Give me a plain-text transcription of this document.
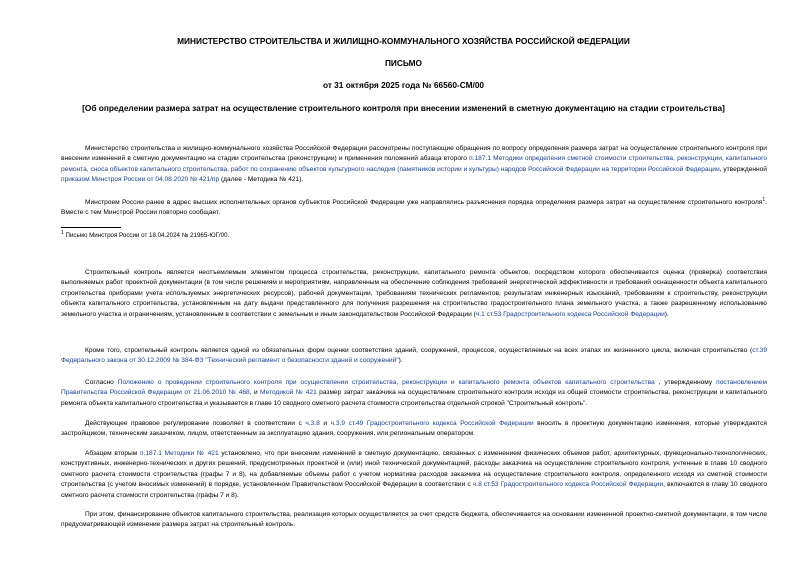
МИНИСТЕРСТВО СТРОИТЕЛЬСТВА И ЖИЛИЩНО-КОММУНАЛЬНОГО ХОЗЯЙСТВА РОССИЙСКОЙ ФЕДЕРАЦИИ
ПИСЬМО
от 31 октября 2025 года № 66560-СМ/00
[Об определении размера затрат на осуществление строительного контроля при внесении изменений в сметную документацию на стадии строительства]

Министерство строительства и жилищно-коммунального хозяйства Российской Федерации рассмотрены поступающие обращения по вопросу определения размера затрат на осуществление строительного контроля при внесении изменений в сметную документацию на стадии строительства (реконструкции) и применения положений абзаца второго п.187.1 Методики определения сметной стоимости строительства, реконструкции, капитального ремонта, сноса объектов капитального строительства, работ по сохранению объектов культурного наследия (памятников истории и культуры) народов Российской Федерации на территории Российской Федерации, утвержденной приказом Минстроя России от 04.08.2020 № 421/пр (далее - Методика № 421).

Минстроем России ранее в адрес высших исполнительных органов субъектов Российской Федерации уже направлялись разъяснения порядка определения размера затрат на осуществление строительного контроля$^1$. Вместе с тем Минстрой России повторно сообщает.

$^1$ Письмо Минстроя России от 18.04.2024 № 21965-ЮГ/00.

Строительный контроль является неотъемлемым элементом процесса строительства, реконструкции, капитального ремонта объектов, посредством которого обеспечивается оценка (проверка) соответствия выполняемых работ проектной документации (в том числе решениям и мероприятиям, направленным на обеспечение соблюдения требований энергетической эффективности и требований оснащенности объекта капитального строительства приборами учета используемых энергетических ресурсов), рабочей документации, требованиям технических регламентов, результатам инженерных изысканий, требованиям к строительству, реконструкции объекта капитального строительства, установленным на дату выдачи представленного для получения разрешения на строительство градостроительного плана земельного участка, а также разрешенному использованию земельного участка и ограничениям, установленным в соответствии с земельным и иным законодательством Российской Федерации (ч.1 ст.53 Градостроительного кодекса Российской Федерации).

Кроме того, строительный контроль является одной из обязательных форм оценки соответствия зданий, сооружений, процессов, осуществляемых на всех этапах их жизненного цикла, включая строительство (ст.39 Федерального закона от 30.12.2009 № 384-ФЗ "Технический регламент о безопасности зданий и сооружений").

Согласно Положению о проведении строительного контроля при осуществлении строительства, реконструкции и капитального ремонта объектов капитального строительства , утвержденному постановлением Правительства Российской Федерации от 21.06.2010 № 468, и Методикой № 421 размер затрат заказчика на осуществление строительного контроля исходя из общей стоимости строительства, реконструкции и капитального ремонта объекта капитального строительства и указывается в главе 10 сводного сметного расчета стоимости строительства отдельной строкой "Строительный контроль".

Действующее правовое регулирование позволяет в соответствии с ч.3.8 и ч.3.9 ст.49 Градостроительного кодекса Российской Федерации вносить в проектную документацию изменения, которые утверждаются застройщиком, техническим заказчиком, лицом, ответственным за эксплуатацию здания, сооружения, или региональным оператором.

Абзацем вторым п.187.1 Методики № 421 установлено, что при внесении изменений в сметную документацию, связанных с изменением физических объемов работ, архитектурных, функционально-технологических, конструктивных, инженерно-технических и других решений, предусмотренных проектной и (или) иной технической документацией, расходы заказчика на осуществление строительного контроля, учтенные в главе 10 сводного сметного расчета стоимости строительства (графы 7 и 8), на добавляемые объемы работ с учетом норматива расходов заказчика на осуществление строительного контроля, определенного исходя из сметной стоимости строительства (с учетом вносимых изменений) в порядке, установленном Правительством Российской Федерации в соответствии с ч.8 ст.53 Градостроительного кодекса Российской Федерации, включаются в главу 10 сводного сметного расчета стоимости строительства (графы 7 и 8).

При этом, финансирование объектов капитального строительства, реализация которых осуществляется за счет средств бюджета, обеспечивается на основании измененной проектно-сметной документации, в том числе предусматривающей изменение размера затрат на строительный контроль.
